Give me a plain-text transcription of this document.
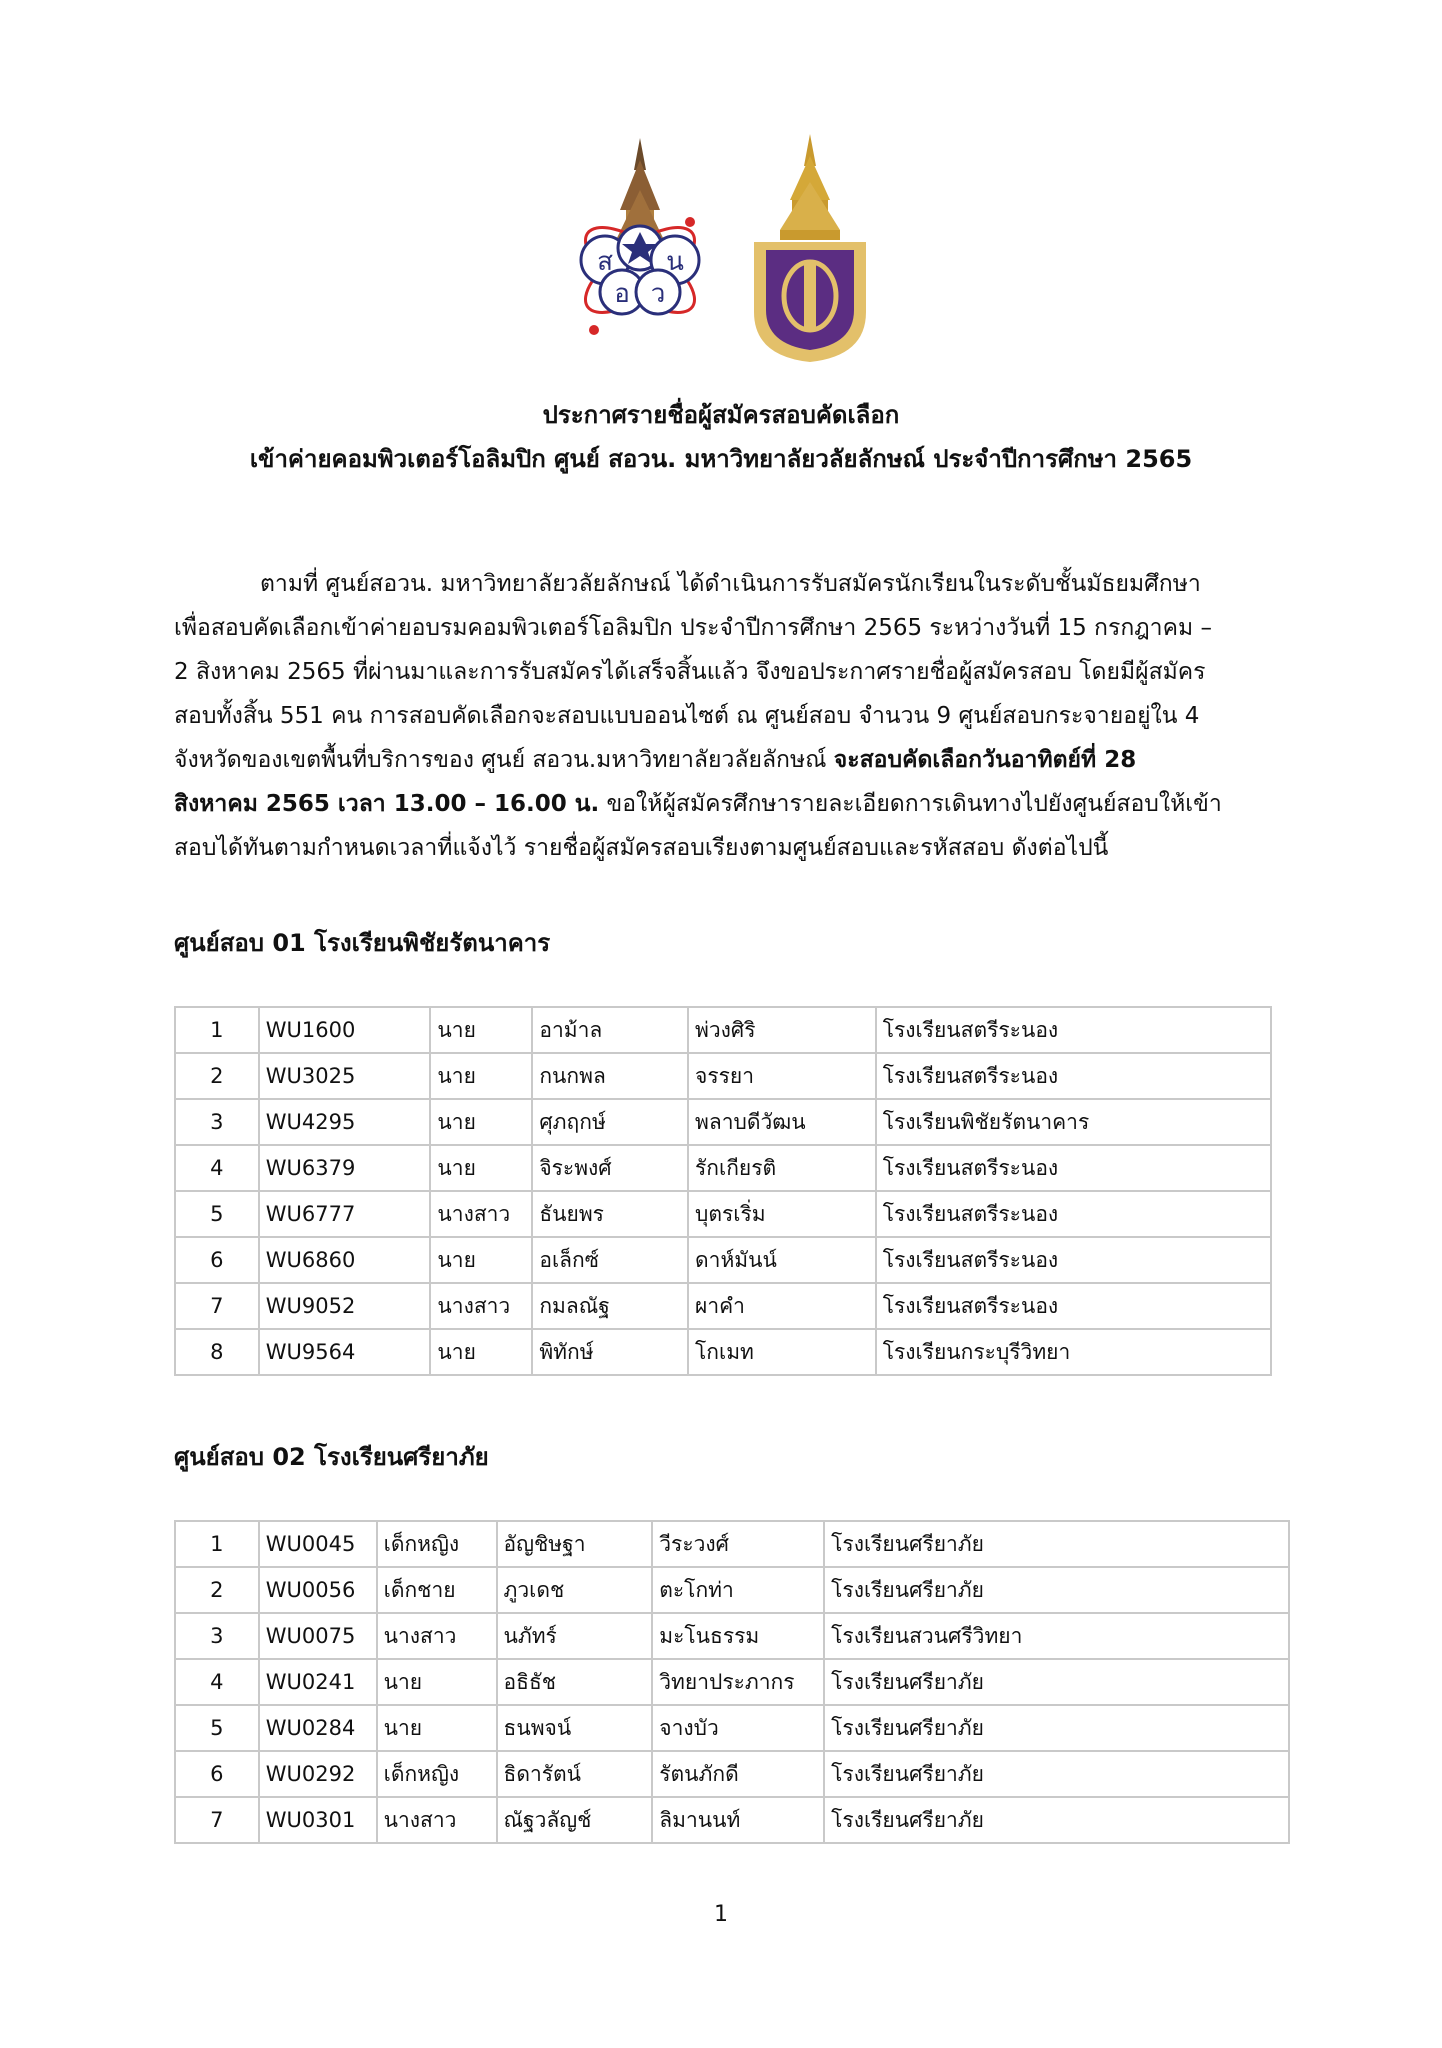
ส น
อ ว
ประกาศรายชื่อผู้สมัครสอบคัดเลือก
เข้าค่ายคอมพิวเตอร์โอลิมปิก ศูนย์ สอวน. มหาวิทยาลัยวลัยลักษณ์ ประจำปีการศึกษา 2565
ตามที่ ศูนย์สอวน. มหาวิทยาลัยวลัยลักษณ์ ได้ดำเนินการรับสมัครนักเรียนในระดับชั้นมัธยมศึกษา
เพื่อสอบคัดเลือกเข้าค่ายอบรมคอมพิวเตอร์โอลิมปิก ประจำปีการศึกษา 2565 ระหว่างวันที่ 15 กรกฎาคม –
2 สิงหาคม 2565 ที่ผ่านมาและการรับสมัครได้เสร็จสิ้นแล้ว จึงขอประกาศรายชื่อผู้สมัครสอบ โดยมีผู้สมัคร
สอบทั้งสิ้น 551 คน การสอบคัดเลือกจะสอบแบบออนไซต์ ณ ศูนย์สอบ จำนวน 9 ศูนย์สอบกระจายอยู่ใน 4
จังหวัดของเขตพื้นที่บริการของ ศูนย์ สอวน.มหาวิทยาลัยวลัยลักษณ์ จะสอบคัดเลือกวันอาทิตย์ที่ 28
สิงหาคม 2565 เวลา 13.00 – 16.00 น. ขอให้ผู้สมัครศึกษารายละเอียดการเดินทางไปยังศูนย์สอบให้เข้า
สอบได้ทันตามกำหนดเวลาที่แจ้งไว้ รายชื่อผู้สมัครสอบเรียงตามศูนย์สอบและรหัสสอบ ดังต่อไปนี้
ศูนย์สอบ 01 โรงเรียนพิชัยรัตนาคาร
1	WU1600	นาย	อาม้าล	พ่วงศิริ	โรงเรียนสตรีระนอง
2	WU3025	นาย	กนกพล	จรรยา	โรงเรียนสตรีระนอง
3	WU4295	นาย	ศุภฤกษ์	พลาบดีวัฒน	โรงเรียนพิชัยรัตนาคาร
4	WU6379	นาย	จิระพงศ์	รักเกียรติ	โรงเรียนสตรีระนอง
5	WU6777	นางสาว	ธันยพร	บุตรเริ่ม	โรงเรียนสตรีระนอง
6	WU6860	นาย	อเล็กซ์	ดาห์มันน์	โรงเรียนสตรีระนอง
7	WU9052	นางสาว	กมลณัฐ	ผาคำ	โรงเรียนสตรีระนอง
8	WU9564	นาย	พิทักษ์	โกเมท	โรงเรียนกระบุรีวิทยา
ศูนย์สอบ 02 โรงเรียนศรียาภัย
1	WU0045	เด็กหญิง	อัญชิษฐา	วีระวงศ์	โรงเรียนศรียาภัย
2	WU0056	เด็กชาย	ภูวเดช	ตะโกท่า	โรงเรียนศรียาภัย
3	WU0075	นางสาว	นภัทร์	มะโนธรรม	โรงเรียนสวนศรีวิทยา
4	WU0241	นาย	อธิธัช	วิทยาประภากร	โรงเรียนศรียาภัย
5	WU0284	นาย	ธนพจน์	จางบัว	โรงเรียนศรียาภัย
6	WU0292	เด็กหญิง	ธิดารัตน์	รัตนภักดี	โรงเรียนศรียาภัย
7	WU0301	นางสาว	ณัฐวลัญช์	ลิมานนท์	โรงเรียนศรียาภัย
1
